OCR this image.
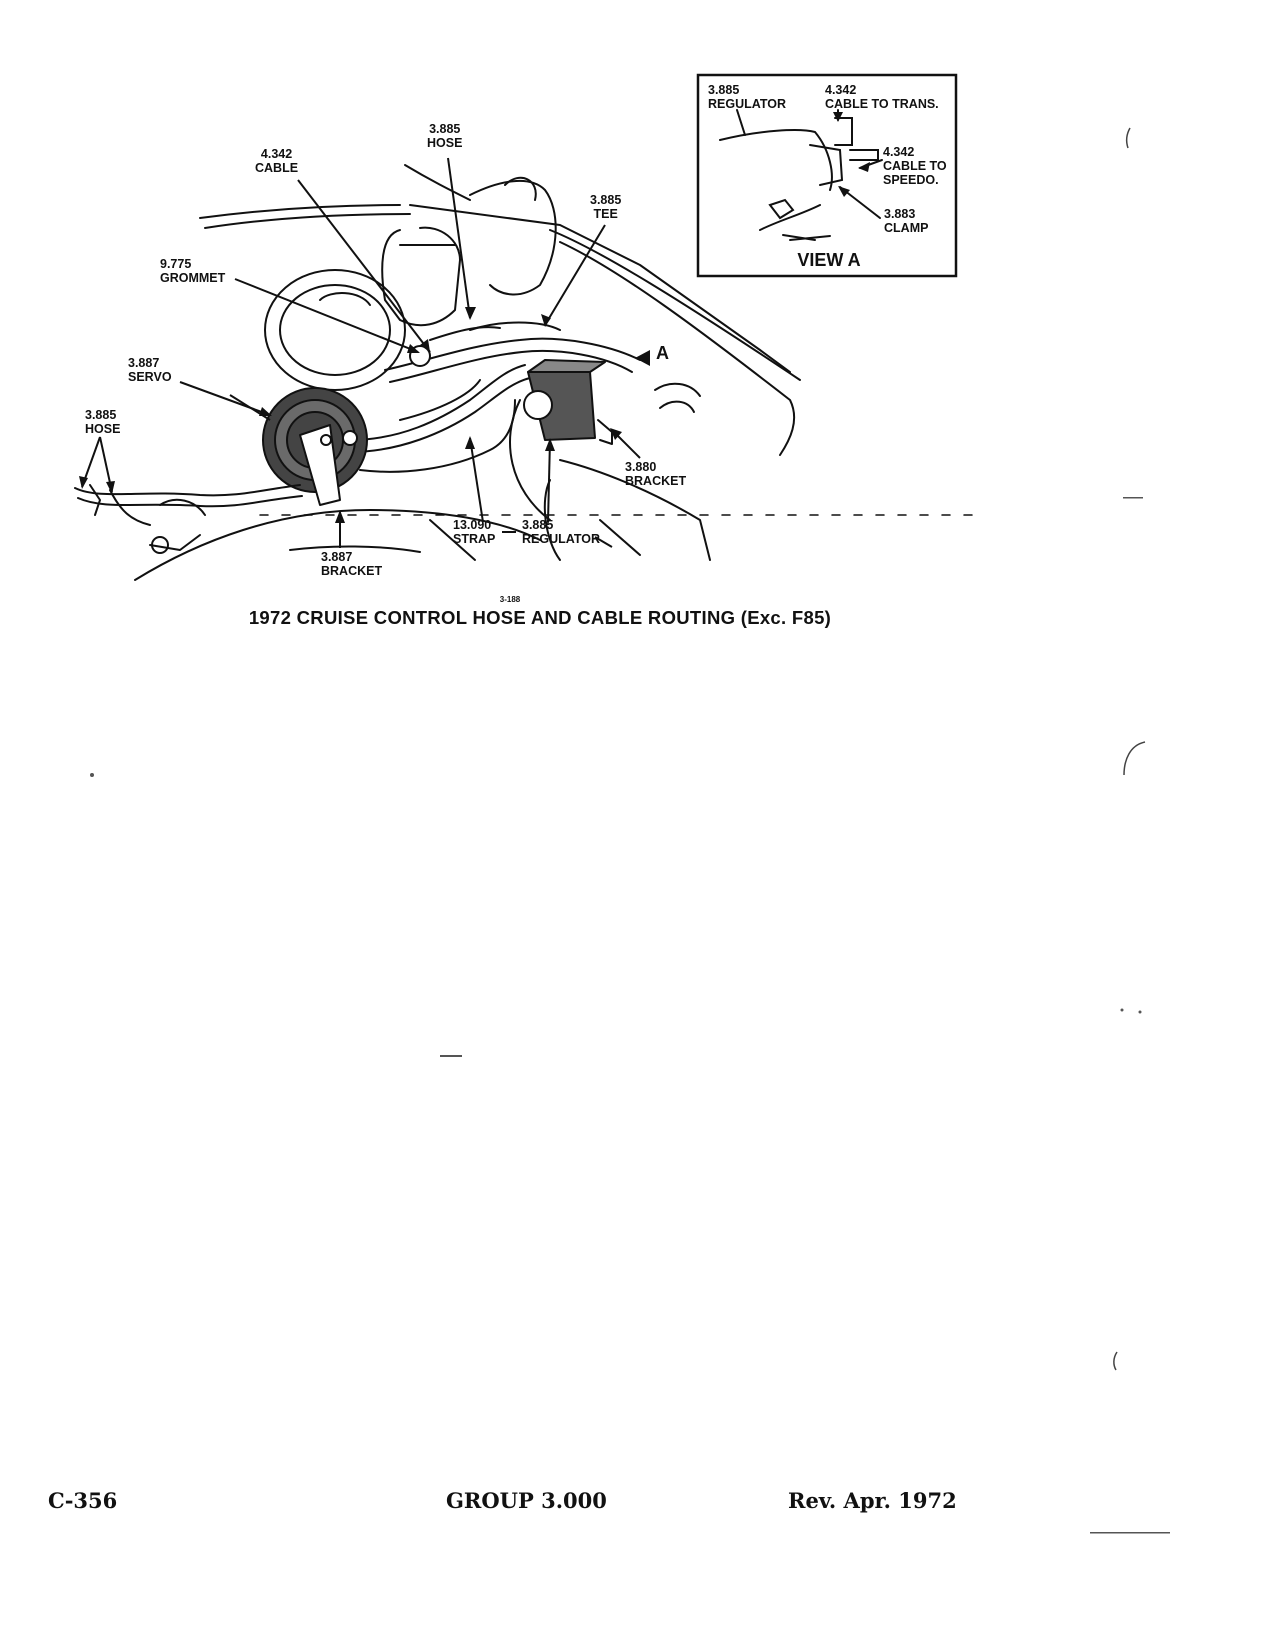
3.885
HOSE
4.342
CABLE
3.885
TEE
9.775
GROMMET
3.887
SERVO
3.885
HOSE
3.880
BRACKET
13.090
STRAP
3.885
REGULATOR
3.887
BRACKET
A
3.885
REGULATOR
4.342
CABLE TO TRANS.
4.342
CABLE TO
SPEEDO.
3.883
CLAMP
VIEW A
3-188
1972 CRUISE CONTROL HOSE AND CABLE ROUTING (Exc. F85)
C-356	GROUP 3.000	Rev. Apr. 1972
